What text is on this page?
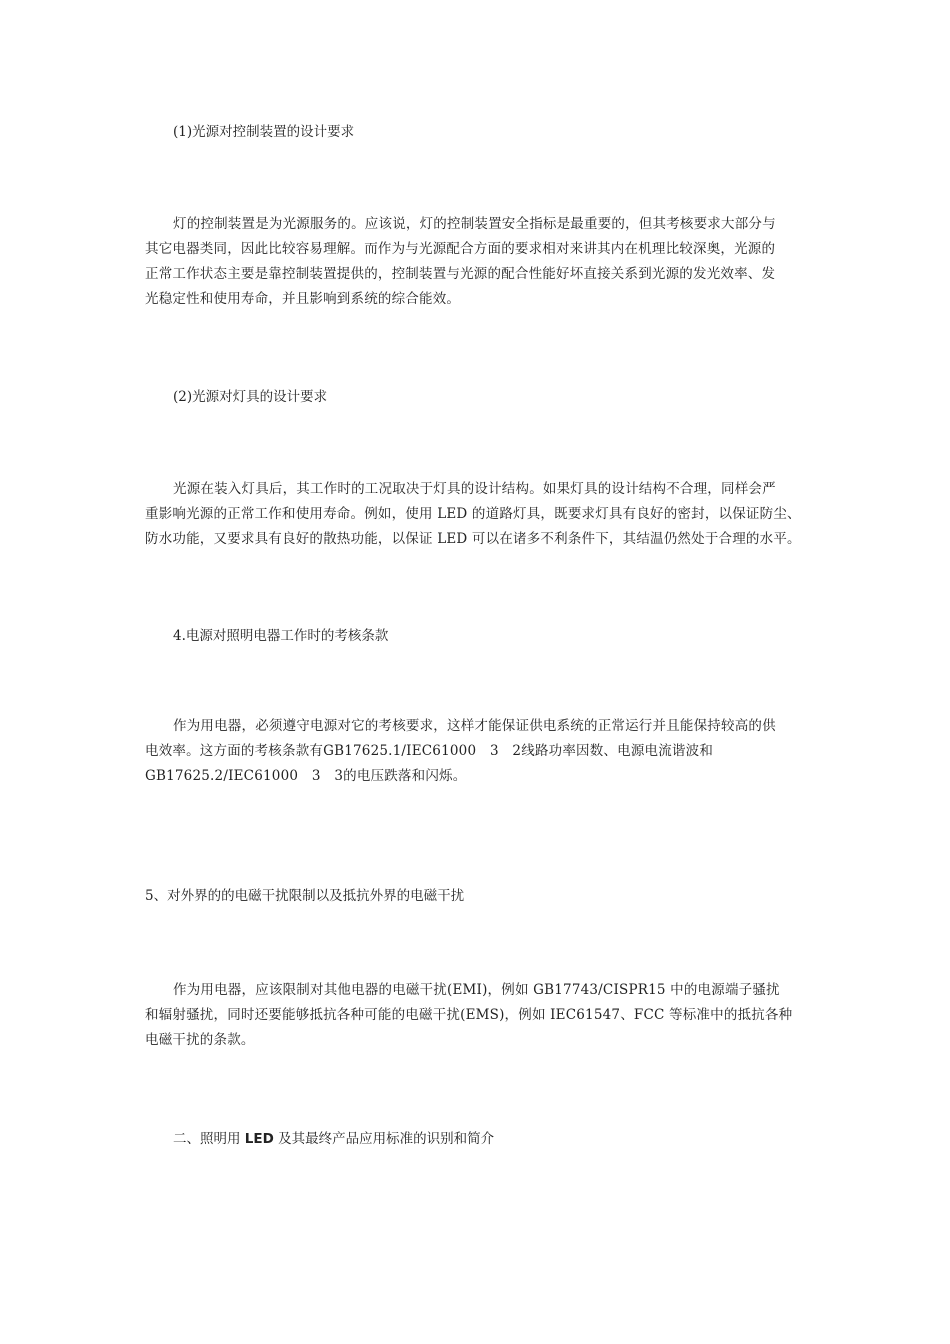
(1)光源对控制装置的设计要求

灯的控制装置是为光源服务的。应该说，灯的控制装置安全指标是最重要的，但其考核要求大部分与
其它电器类同，因此比较容易理解。而作为与光源配合方面的要求相对来讲其内在机理比较深奥，光源的
正常工作状态主要是靠控制装置提供的，控制装置与光源的配合性能好坏直接关系到光源的发光效率、发
光稳定性和使用寿命，并且影响到系统的综合能效。

(2)光源对灯具的设计要求

光源在装入灯具后，其工作时的工况取决于灯具的设计结构。如果灯具的设计结构不合理，同样会严
重影响光源的正常工作和使用寿命。例如，使用 LED 的道路灯具，既要求灯具有良好的密封，以保证防尘、
防水功能，又要求具有良好的散热功能，以保证 LED 可以在诸多不利条件下，其结温仍然处于合理的水平。

4.电源对照明电器工作时的考核条款

作为用电器，必须遵守电源对它的考核要求，这样才能保证供电系统的正常运行并且能保持较高的供
电效率。这方面的考核条款有GB17625.1/IEC61000　3　2线路功率因数、电源电流谐波和
GB17625.2/IEC61000　3　3的电压跌落和闪烁。

5、对外界的的电磁干扰限制以及抵抗外界的电磁干扰

作为用电器，应该限制对其他电器的电磁干扰(EMI)，例如 GB17743/CISPR15 中的电源端子骚扰
和辐射骚扰，同时还要能够抵抗各种可能的电磁干扰(EMS)，例如 IEC61547、FCC 等标准中的抵抗各种
电磁干扰的条款。

二、照明用 LED 及其最终产品应用标准的识别和简介
